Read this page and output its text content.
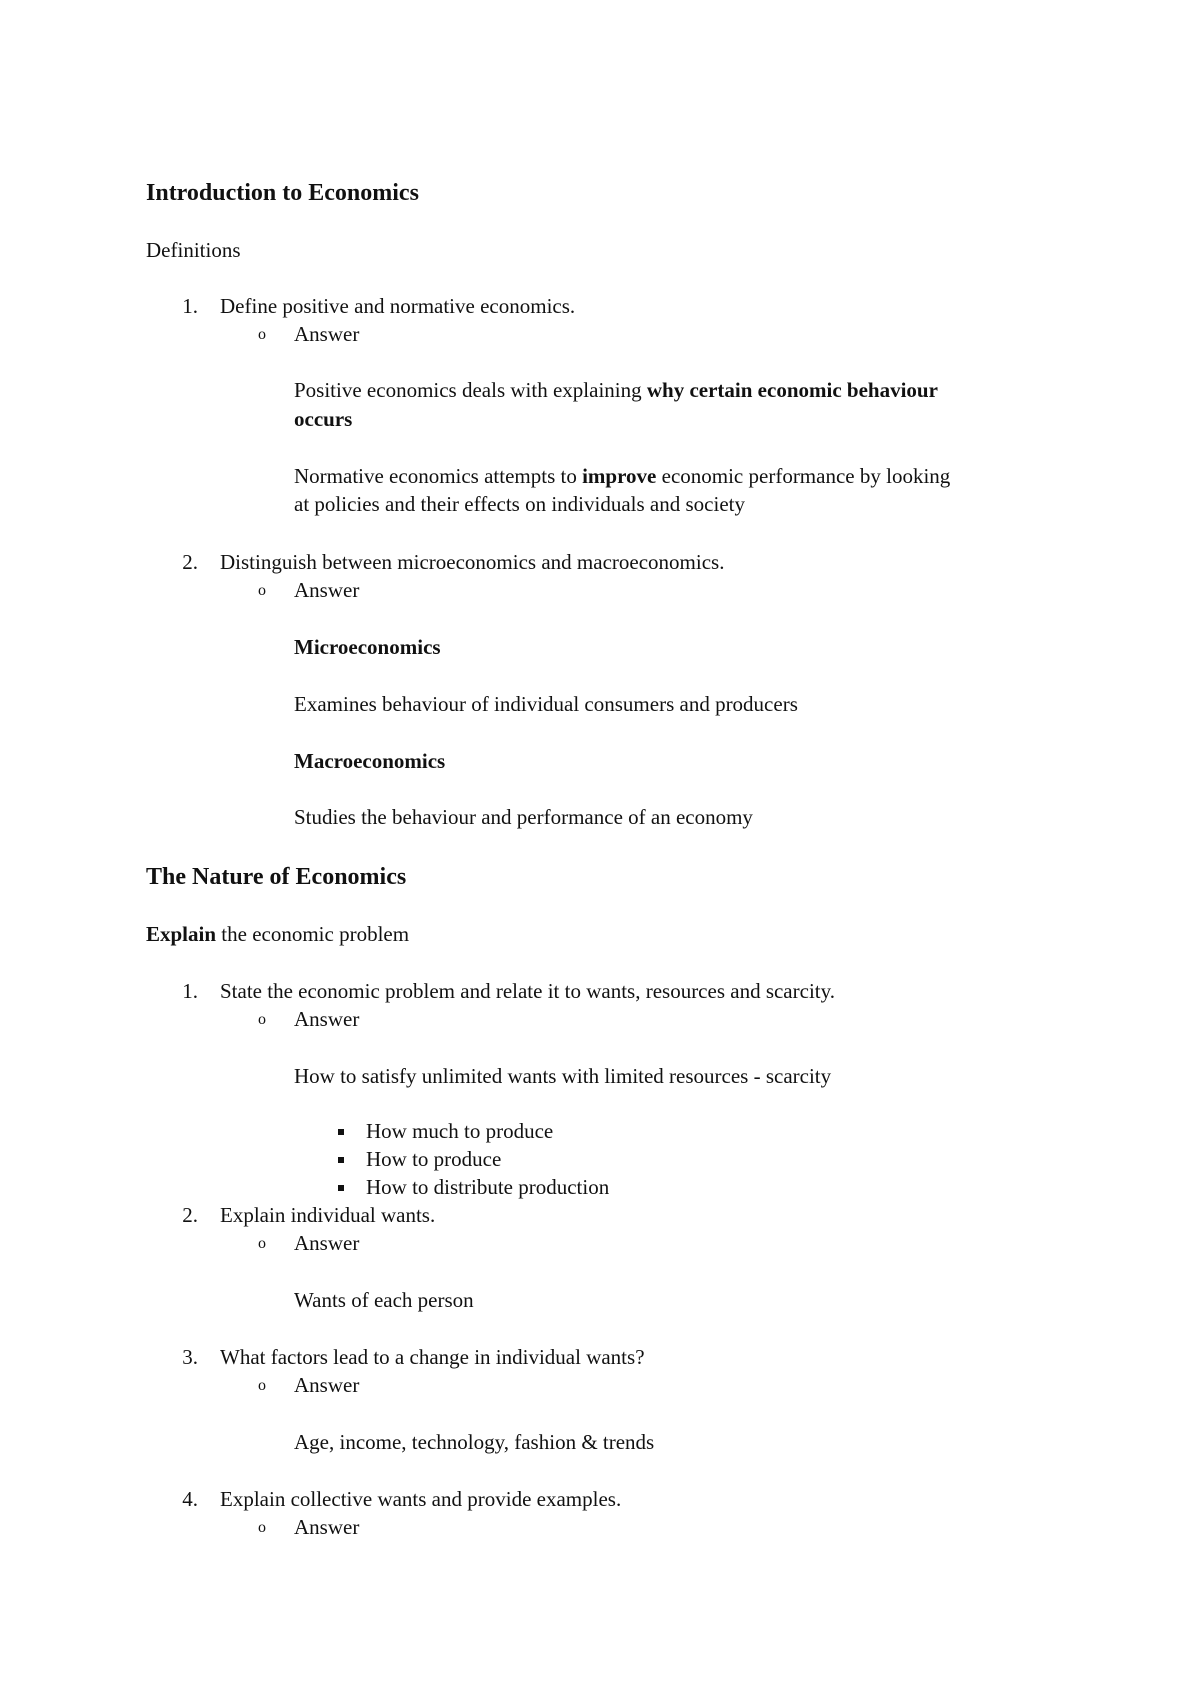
Introduction to Economics
Definitions
1. Define positive and normative economics.
o Answer
Positive economics deals with explaining why certain economic behaviour
occurs
Normative economics attempts to improve economic performance by looking
at policies and their effects on individuals and society
2. Distinguish between microeconomics and macroeconomics.
o Answer
Microeconomics
Examines behaviour of individual consumers and producers
Macroeconomics
Studies the behaviour and performance of an economy
The Nature of Economics
Explain the economic problem
1. State the economic problem and relate it to wants, resources and scarcity.
o Answer
How to satisfy unlimited wants with limited resources - scarcity
How much to produce
How to produce
How to distribute production
2. Explain individual wants.
o Answer
Wants of each person
3. What factors lead to a change in individual wants?
o Answer
Age, income, technology, fashion & trends
4. Explain collective wants and provide examples.
o Answer
